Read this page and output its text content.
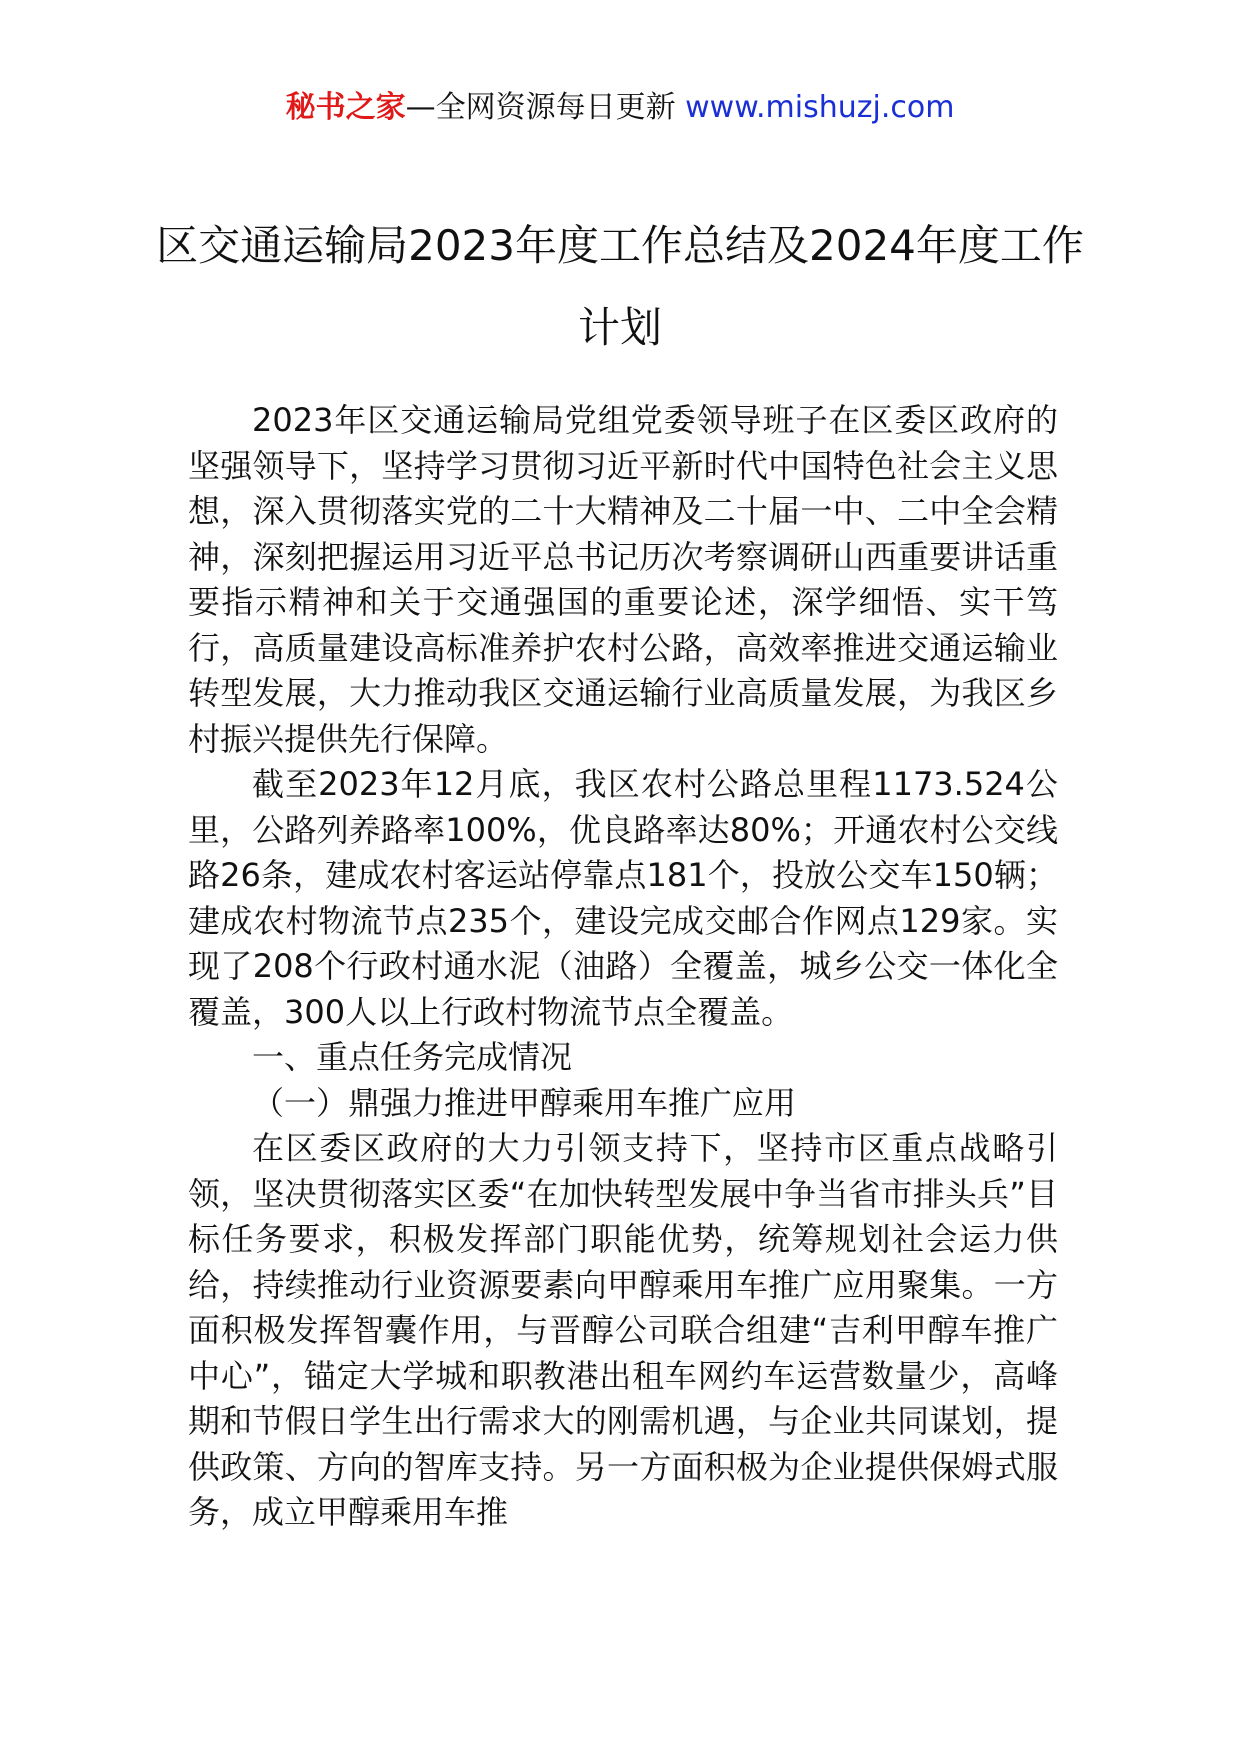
秘书之家—全网资源每日更新 www.mishuzj.com
区交通运输局2023年度工作总结及2024年度工作计划

2023年区交通运输局党组党委领导班子在区委区政府的坚强领导下，坚持学习贯彻习近平新时代中国特色社会主义思想，深入贯彻落实党的二十大精神及二十届一中、二中全会精神，深刻把握运用习近平总书记历次考察调研山西重要讲话重要指示精神和关于交通强国的重要论述，深学细悟、实干笃行，高质量建设高标准养护农村公路，高效率推进交通运输业转型发展，大力推动我区交通运输行业高质量发展，为我区乡村振兴提供先行保障。

截至2023年12月底，我区农村公路总里程1173.524公里，公路列养路率100%，优良路率达80%；开通农村公交线路26条，建成农村客运站停靠点181个，投放公交车150辆；建成农村物流节点235个，建设完成交邮合作网点129家。实现了208个行政村通水泥（油路）全覆盖，城乡公交一体化全覆盖，300人以上行政村物流节点全覆盖。

一、重点任务完成情况

（一）鼎强力推进甲醇乘用车推广应用

在区委区政府的大力引领支持下，坚持市区重点战略引领，坚决贯彻落实区委“在加快转型发展中争当省市排头兵”目标任务要求，积极发挥部门职能优势，统筹规划社会运力供给，持续推动行业资源要素向甲醇乘用车推广应用聚集。一方面积极发挥智囊作用，与晋醇公司联合组建“吉利甲醇车推广中心”，锚定大学城和职教港出租车网约车运营数量少，高峰期和节假日学生出行需求大的刚需机遇，与企业共同谋划，提供政策、方向的智库支持。另一方面积极为企业提供保姆式服务，成立甲醇乘用车推
